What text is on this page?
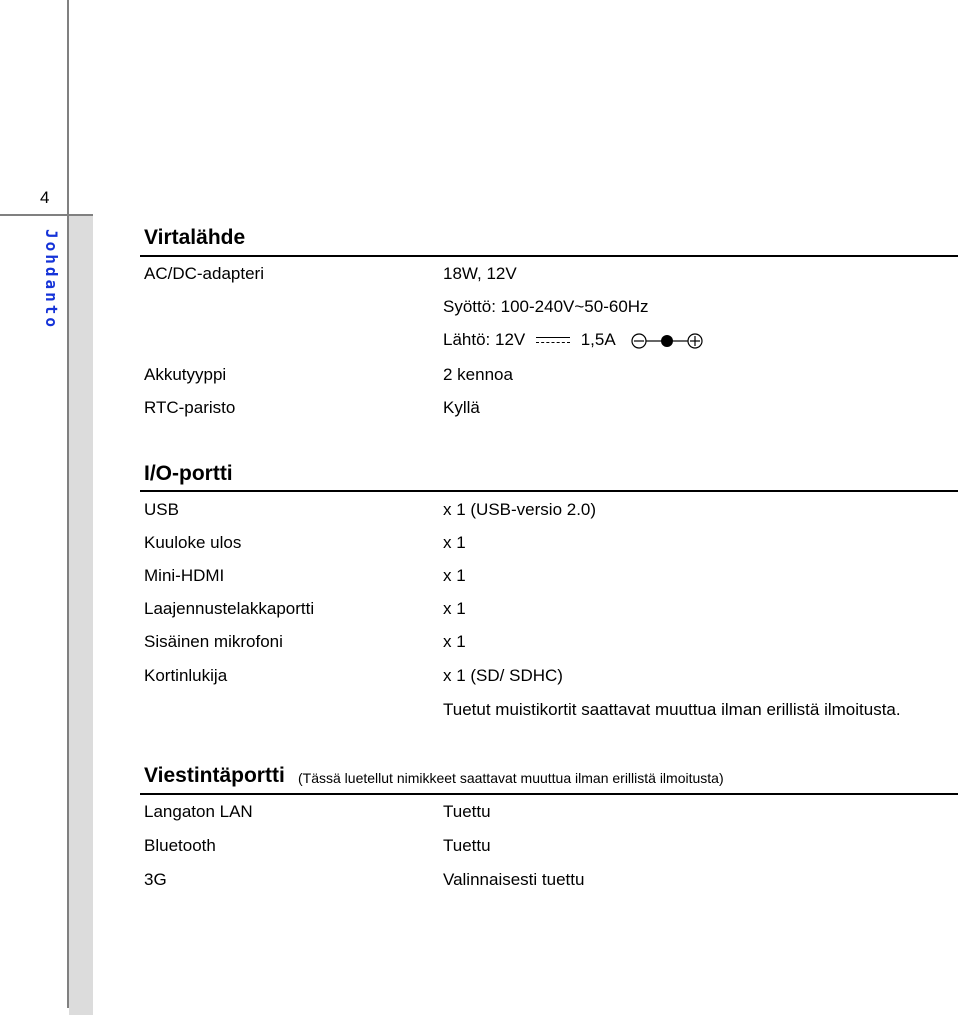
4
Johdanto	Virtalähde
AC/DC-adapteri	18W, 12V
Syöttö: 100-240V~50-60Hz
Lähtö: 12V	1,5A
Akkutyyppi	2 kennoa
RTC-paristo	Kyllä
I/O-portti
USB	x 1 (USB-versio 2.0)
Kuuloke ulos	x 1
Mini-HDMI	x 1
Laajennustelakkaportti	x 1
Sisäinen mikrofoni	x 1
Kortinlukija	x 1 (SD/ SDHC)
Tuetut muistikortit saattavat muuttua ilman erillistä ilmoitusta.
Viestintäportti (Tässä luetellut nimikkeet saattavat muuttua ilman erillistä ilmoitusta)
Langaton LAN	Tuettu
Bluetooth	Tuettu
3G	Valinnaisesti tuettu
